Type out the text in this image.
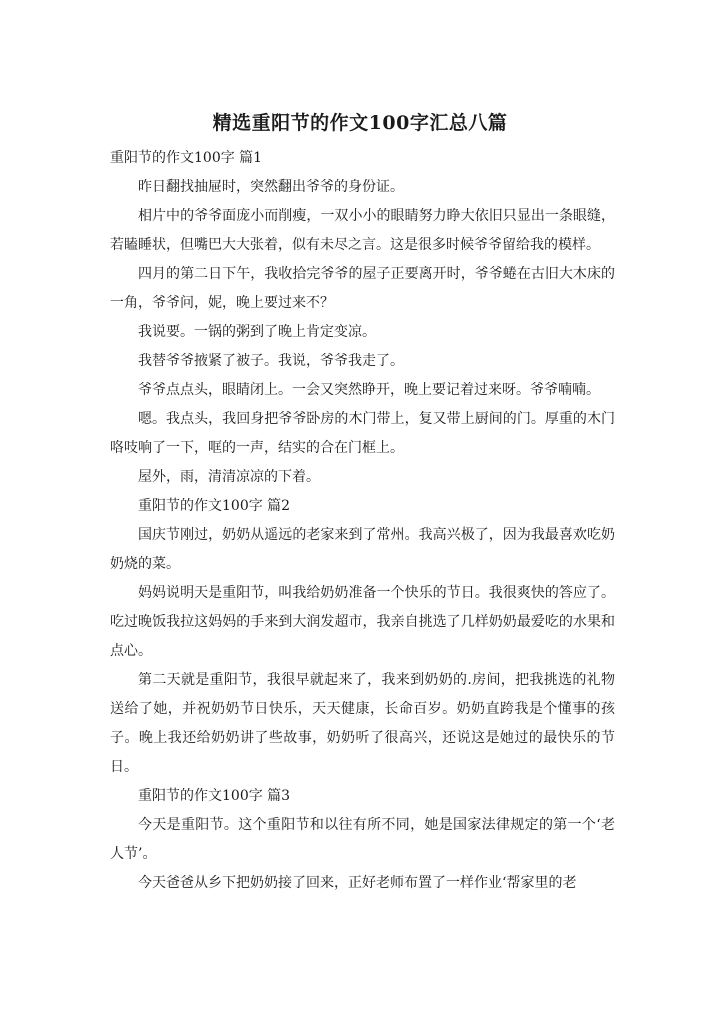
精选重阳节的作文100字汇总八篇

重阳节的作文100字 篇1

昨日翻找抽屉时，突然翻出爷爷的身份证。

相片中的爷爷面庞小而削瘦，一双小小的眼睛努力睁大依旧只显出一条眼缝，若瞌睡状，但嘴巴大大张着，似有未尽之言。这是很多时候爷爷留给我的模样。

四月的第二日下午，我收拾完爷爷的屋子正要离开时，爷爷蜷在古旧大木床的一角，爷爷问，妮，晚上要过来不？

我说要。一锅的粥到了晚上肯定变凉。

我替爷爷掖紧了被子。我说，爷爷我走了。

爷爷点点头，眼睛闭上。一会又突然睁开，晚上要记着过来呀。爷爷喃喃。

嗯。我点头，我回身把爷爷卧房的木门带上，复又带上厨间的门。厚重的木门咯吱响了一下，哐的一声，结实的合在门框上。

屋外，雨，清清凉凉的下着。

重阳节的作文100字 篇2

国庆节刚过，奶奶从遥远的老家来到了常州。我高兴极了，因为我最喜欢吃奶奶烧的菜。

妈妈说明天是重阳节，叫我给奶奶准备一个快乐的节日。我很爽快的答应了。吃过晚饭我拉这妈妈的手来到大润发超市，我亲自挑选了几样奶奶最爱吃的水果和点心。

第二天就是重阳节，我很早就起来了，我来到奶奶的.房间，把我挑选的礼物送给了她，并祝奶奶节日快乐，天天健康，长命百岁。奶奶直跨我是个懂事的孩子。晚上我还给奶奶讲了些故事，奶奶听了很高兴，还说这是她过的最快乐的节日。

重阳节的作文100字 篇3

今天是重阳节。这个重阳节和以往有所不同，她是国家法律规定的第一个‘老人节’。

今天爸爸从乡下把奶奶接了回来，正好老师布置了一样作业‘帮家里的老
